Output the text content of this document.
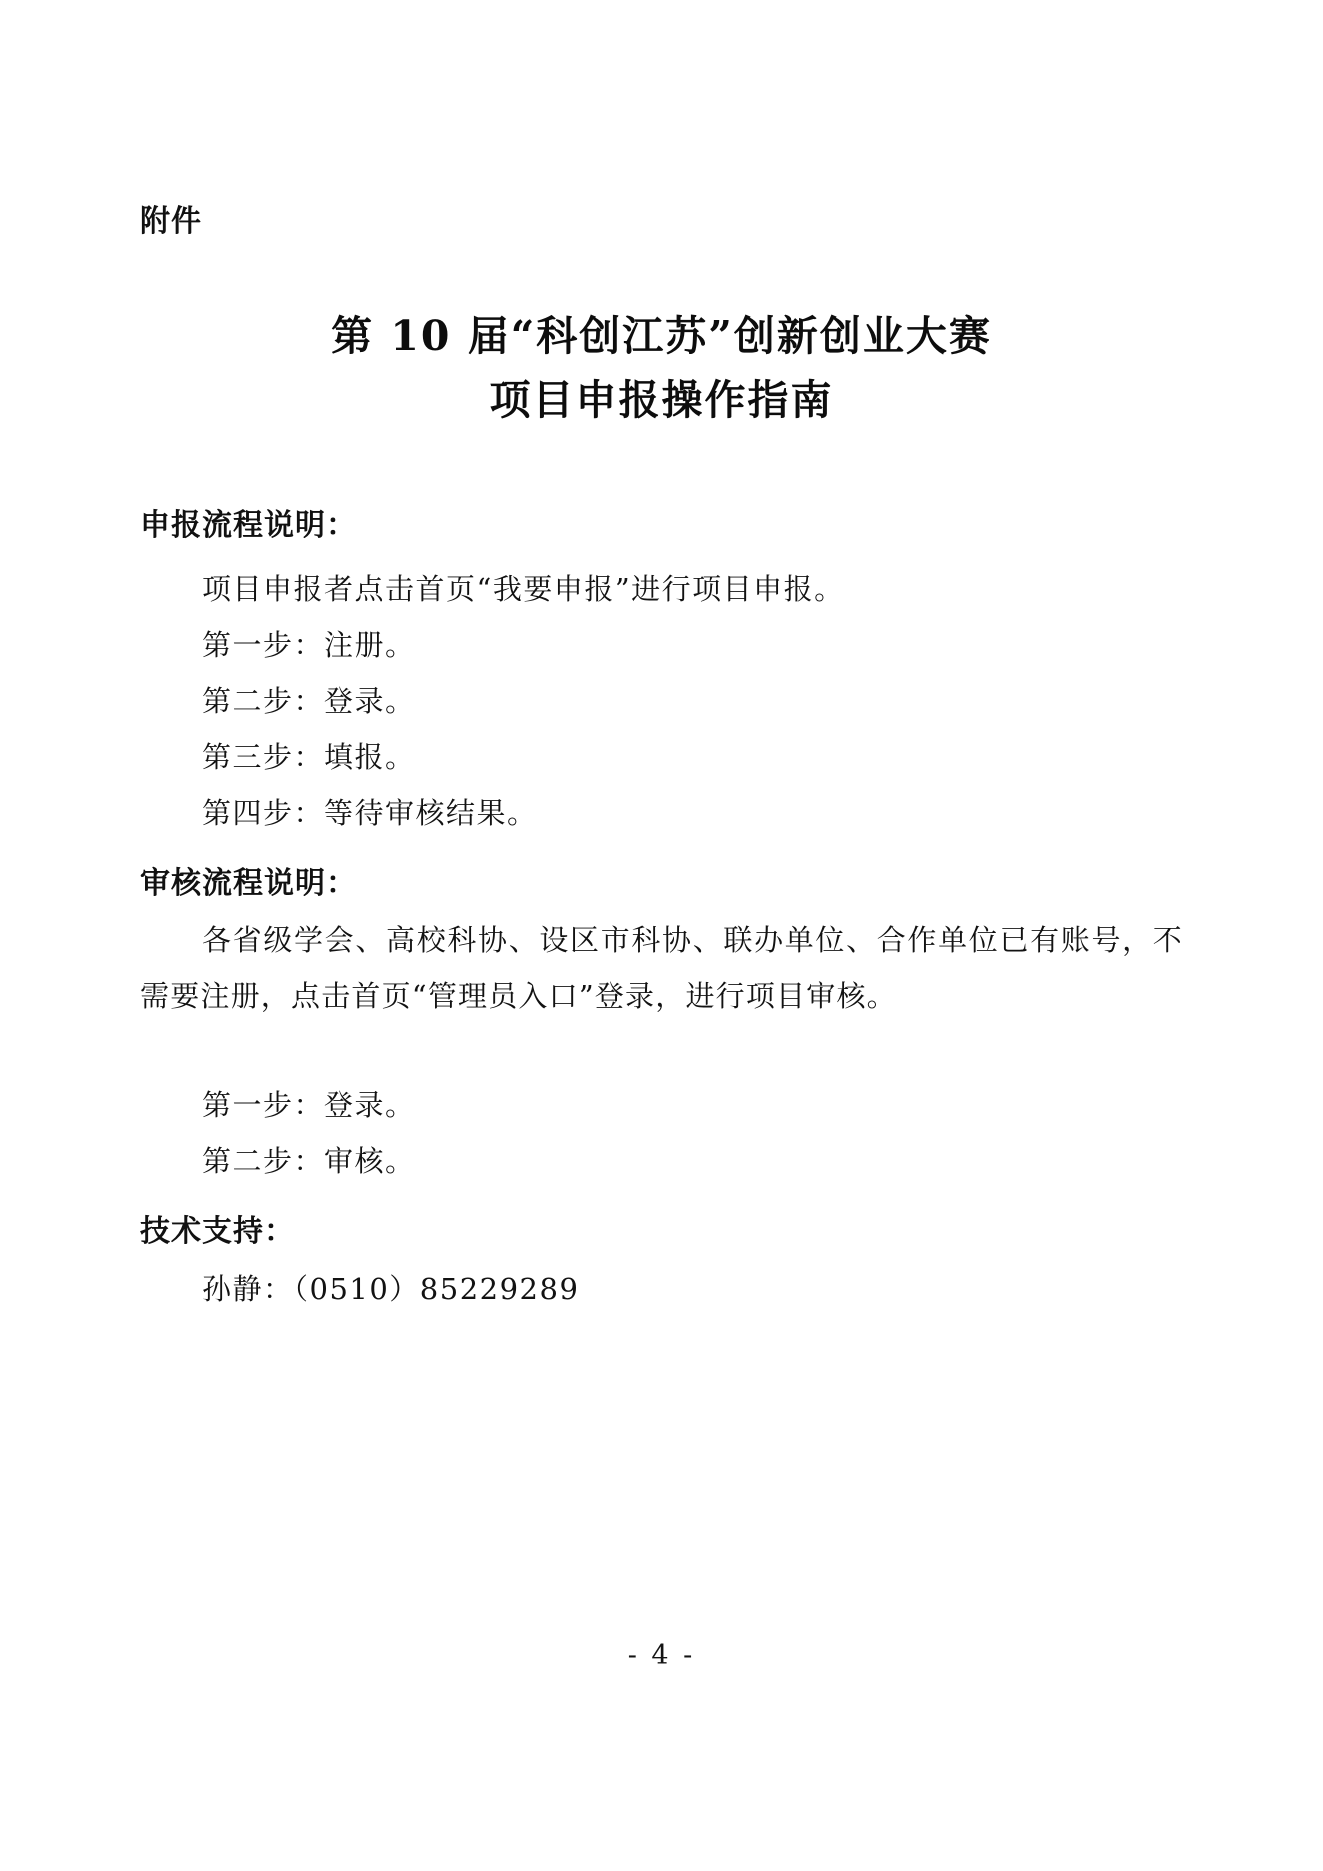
附件
第 10 届“科创江苏”创新创业大赛
项目申报操作指南
申报流程说明：
项目申报者点击首页“我要申报”进行项目申报。
第一步：注册。
第二步：登录。
第三步：填报。
第四步：等待审核结果。
审核流程说明：
各省级学会、高校科协、设区市科协、联办单位、合作单位已有账号，不需要注册，点击首页“管理员入口”登录，进行项目审核。
第一步：登录。
第二步：审核。
技术支持：
孙静：（0510）85229289
- 4 -
